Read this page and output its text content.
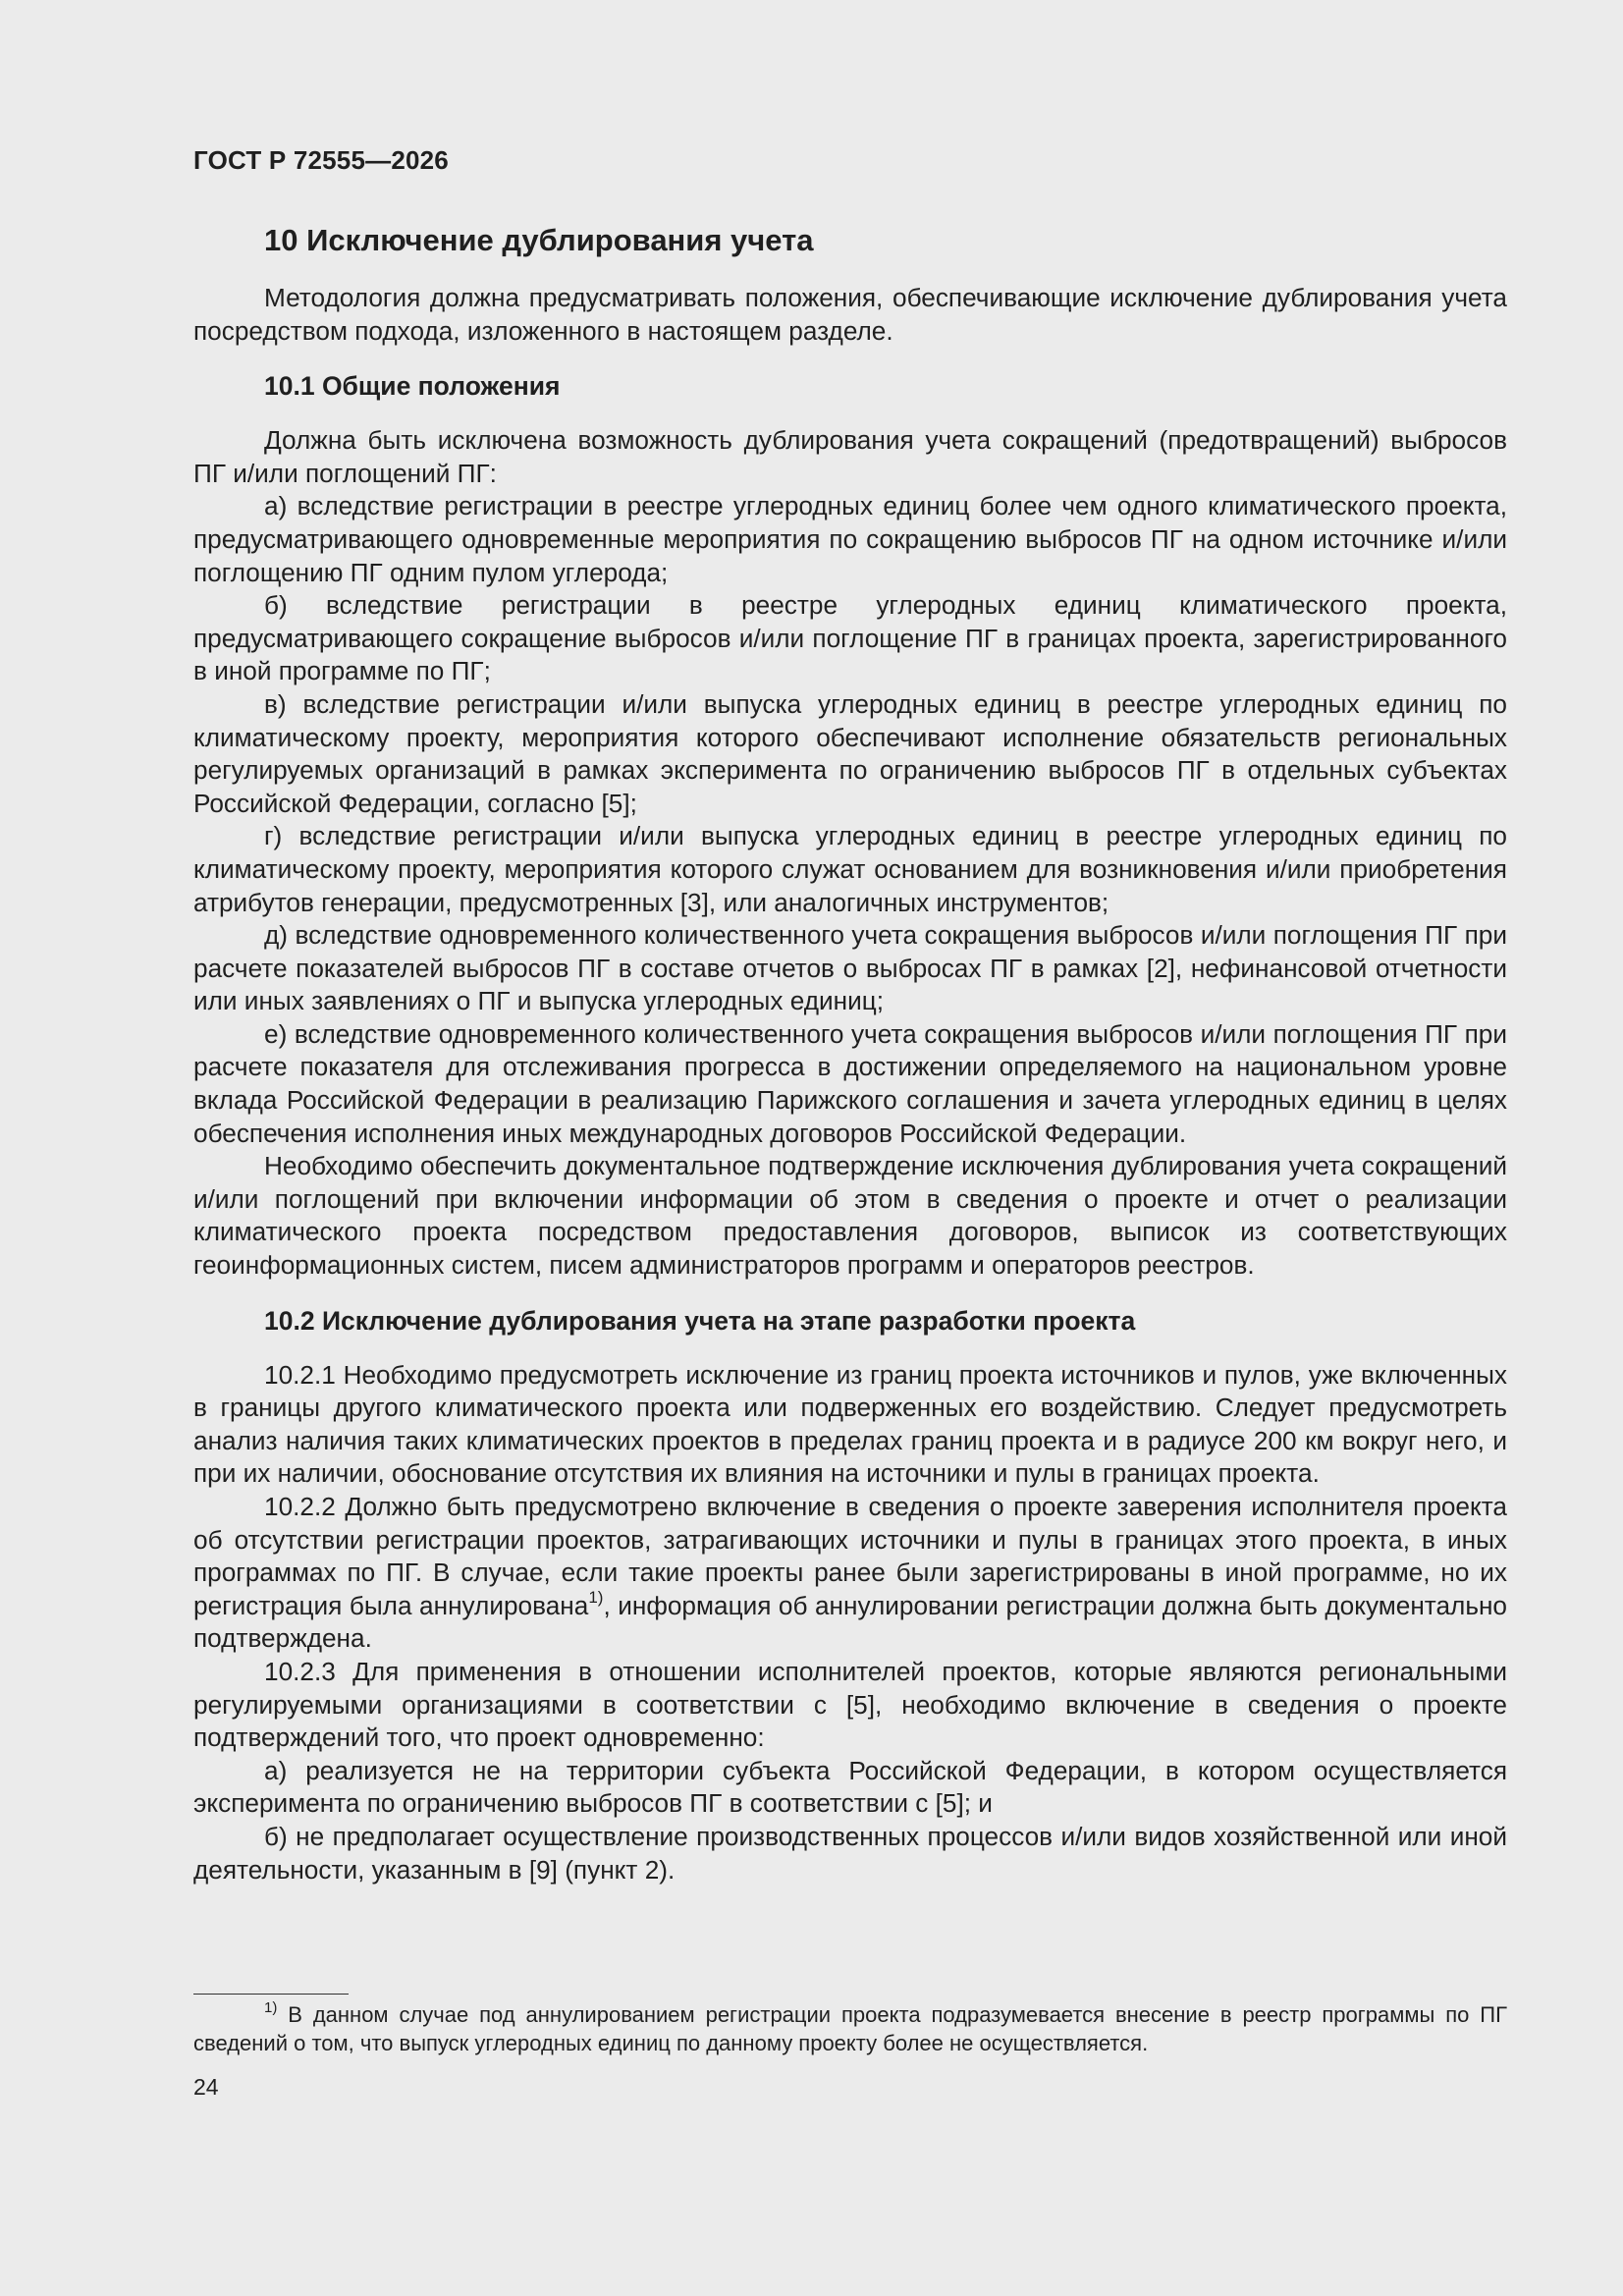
ГОСТ Р 72555—2026
10 Исключение дублирования учета

Методология должна предусматривать положения, обеспечивающие исключение дублирования учета посредством подхода, изложенного в настоящем разделе.

10.1 Общие положения

Должна быть исключена возможность дублирования учета сокращений (предотвращений) выбросов ПГ и/или поглощений ПГ:

а) вследствие регистрации в реестре углеродных единиц более чем одного климатического проекта, предусматривающего одновременные мероприятия по сокращению выбросов ПГ на одном источнике и/или поглощению ПГ одним пулом углерода;

б) вследствие регистрации в реестре углеродных единиц климатического проекта, предусматривающего сокращение выбросов и/или поглощение ПГ в границах проекта, зарегистрированного в иной программе по ПГ;

в) вследствие регистрации и/или выпуска углеродных единиц в реестре углеродных единиц по климатическому проекту, мероприятия которого обеспечивают исполнение обязательств региональных регулируемых организаций в рамках эксперимента по ограничению выбросов ПГ в отдельных субъектах Российской Федерации, согласно [5];

г) вследствие регистрации и/или выпуска углеродных единиц в реестре углеродных единиц по климатическому проекту, мероприятия которого служат основанием для возникновения и/или приобретения атрибутов генерации, предусмотренных [3], или аналогичных инструментов;

д) вследствие одновременного количественного учета сокращения выбросов и/или поглощения ПГ при расчете показателей выбросов ПГ в составе отчетов о выбросах ПГ в рамках [2], нефинансовой отчетности или иных заявлениях о ПГ и выпуска углеродных единиц;

е) вследствие одновременного количественного учета сокращения выбросов и/или поглощения ПГ при расчете показателя для отслеживания прогресса в достижении определяемого на национальном уровне вклада Российской Федерации в реализацию Парижского соглашения и зачета углеродных единиц в целях обеспечения исполнения иных международных договоров Российской Федерации.

Необходимо обеспечить документальное подтверждение исключения дублирования учета сокращений и/или поглощений при включении информации об этом в сведения о проекте и отчет о реализации климатического проекта посредством предоставления договоров, выписок из соответствующих геоинформационных систем, писем администраторов программ и операторов реестров.

10.2 Исключение дублирования учета на этапе разработки проекта

10.2.1 Необходимо предусмотреть исключение из границ проекта источников и пулов, уже включенных в границы другого климатического проекта или подверженных его воздействию. Следует предусмотреть анализ наличия таких климатических проектов в пределах границ проекта и в радиусе 200 км вокруг него, и при их наличии, обоснование отсутствия их влияния на источники и пулы в границах проекта.

10.2.2 Должно быть предусмотрено включение в сведения о проекте заверения исполнителя проекта об отсутствии регистрации проектов, затрагивающих источники и пулы в границах этого проекта, в иных программах по ПГ. В случае, если такие проекты ранее были зарегистрированы в иной программе, но их регистрация была аннулирована$^{1)}$, информация об аннулировании регистрации должна быть документально подтверждена.

10.2.3 Для применения в отношении исполнителей проектов, которые являются региональными регулируемыми организациями в соответствии с [5], необходимо включение в сведения о проекте подтверждений того, что проект одновременно:

а) реализуется не на территории субъекта Российской Федерации, в котором осуществляется эксперимента по ограничению выбросов ПГ в соответствии с [5]; и

б) не предполагает осуществление производственных процессов и/или видов хозяйственной или иной деятельности, указанным в [9] (пункт 2).

$^{1)}$ В данном случае под аннулированием регистрации проекта подразумевается внесение в реестр программы по ПГ сведений о том, что выпуск углеродных единиц по данному проекту более не осуществляется.

24
